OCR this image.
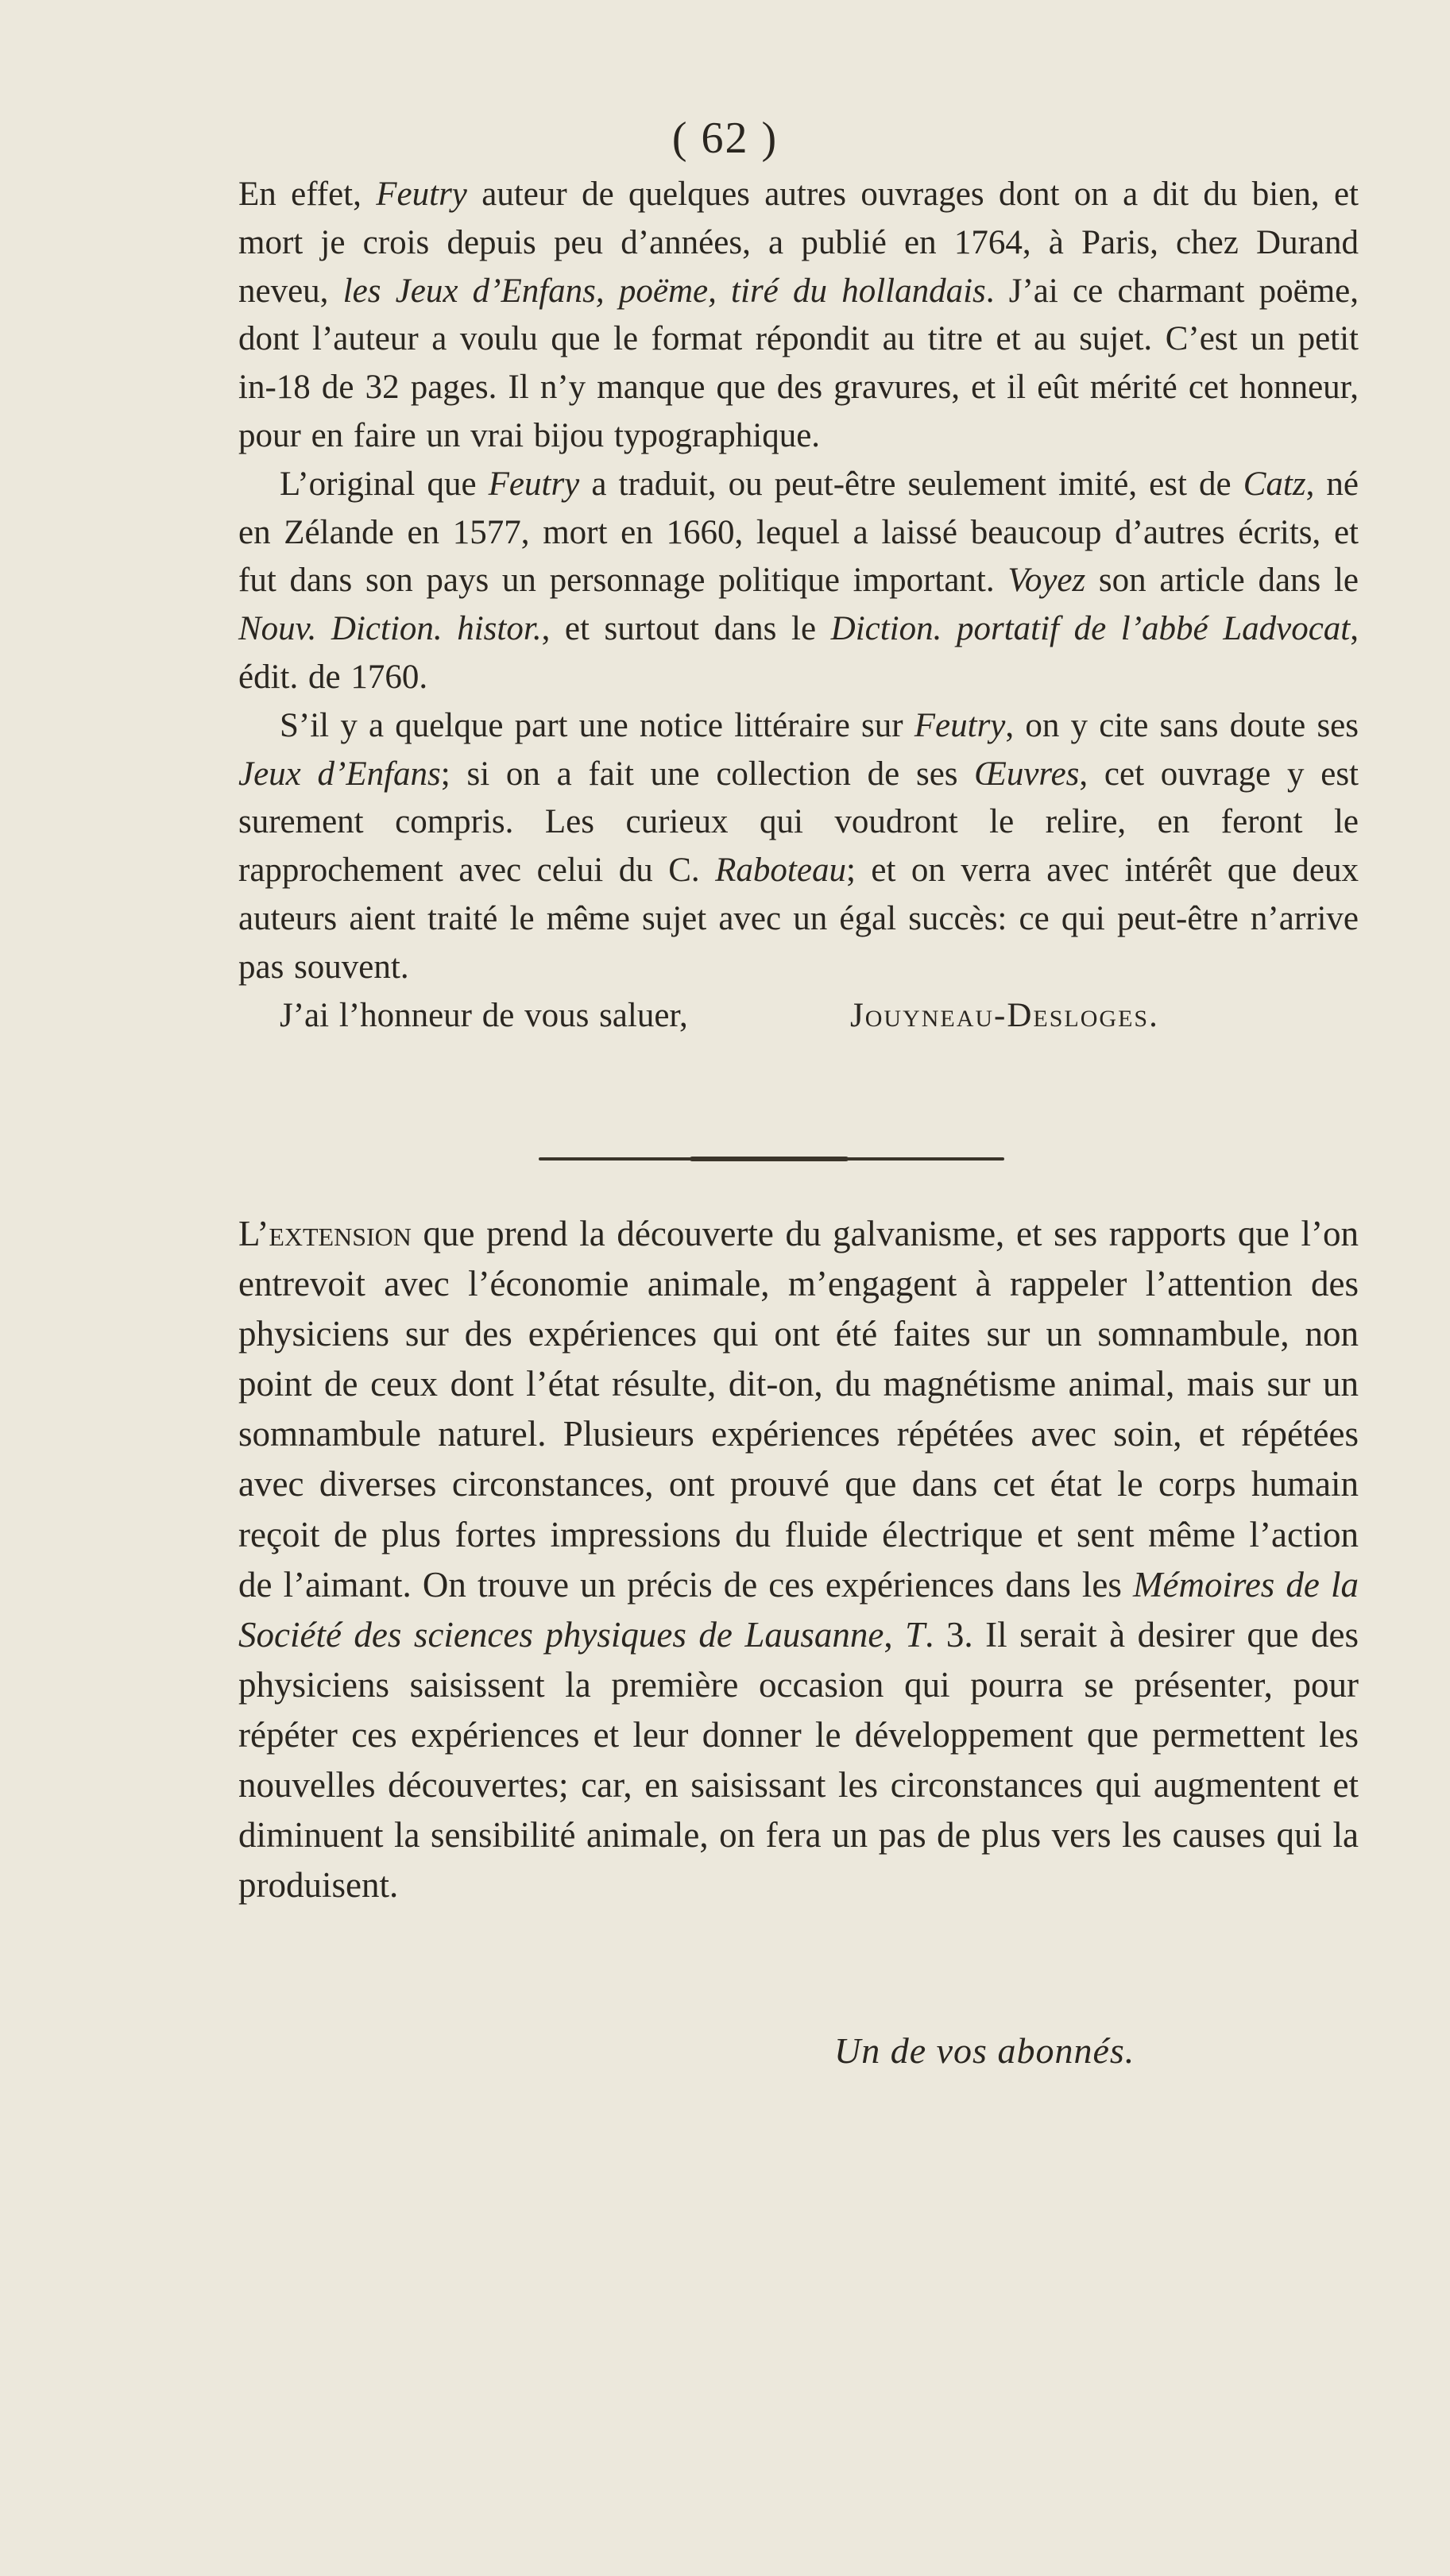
( 62 )

En effet, Feutry auteur de quelques autres ouvrages dont on a dit du bien, et mort je crois depuis peu d’années, a publié en 1764, à Paris, chez Durand neveu, les Jeux d’Enfans, poëme, tiré du hollandais. J’ai ce charmant poëme, dont l’auteur a voulu que le format répondit au titre et au sujet. C’est un petit in-18 de 32 pages. Il n’y manque que des gravures, et il eût mérité cet honneur, pour en faire un vrai bijou typographique.

L’original que Feutry a traduit, ou peut-être seulement imité, est de Catz, né en Zélande en 1577, mort en 1660, lequel a laissé beaucoup d’autres écrits, et fut dans son pays un personnage politique important. Voyez son article dans le Nouv. Diction. histor., et surtout dans le Diction. portatif de l’abbé Ladvocat, édit. de 1760.

S’il y a quelque part une notice littéraire sur Feutry, on y cite sans doute ses Jeux d’Enfans; si on a fait une collection de ses Œuvres, cet ouvrage y est surement compris. Les curieux qui voudront le relire, en feront le rapprochement avec celui du C. Raboteau; et on verra avec intérêt que deux auteurs aient traité le même sujet avec un égal succès: ce qui peut-être n’arrive pas souvent.

J’ai l’honneur de vous saluer,	Jouyneau-Desloges.

L’extension que prend la découverte du galvanisme, et ses rapports que l’on entrevoit avec l’économie animale, m’engagent à rappeler l’attention des physiciens sur des expériences qui ont été faites sur un somnambule, non point de ceux dont l’état résulte, dit-on, du magnétisme animal, mais sur un somnambule naturel. Plusieurs expériences répétées avec soin, et répétées avec diverses circonstances, ont prouvé que dans cet état le corps humain reçoit de plus fortes impressions du fluide électrique et sent même l’action de l’aimant. On trouve un précis de ces expériences dans les Mémoires de la Société des sciences physiques de Lausanne, T. 3. Il serait à desirer que des physiciens saisissent la première occasion qui pourra se présenter, pour répéter ces expériences et leur donner le développement que permettent les nouvelles découvertes; car, en saisissant les circonstances qui augmentent et diminuent la sensibilité animale, on fera un pas de plus vers les causes qui la produisent.

Un de vos abonnés.
